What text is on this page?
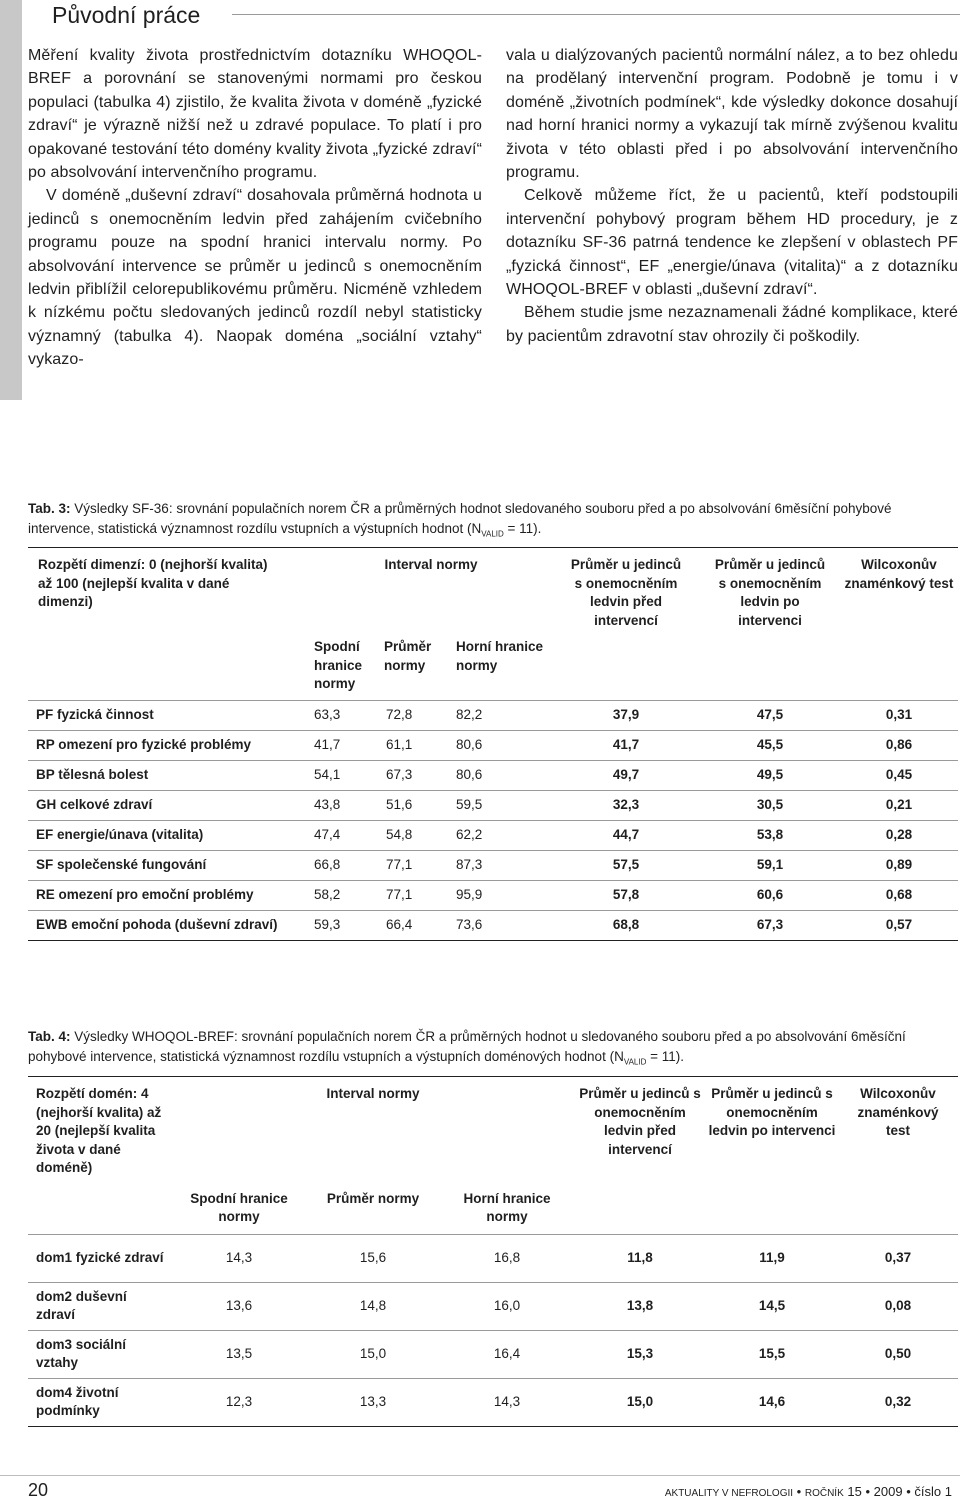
Původní práce

Měření kvality života prostřednictvím dotazníku WHOQOL-BREF a porovnání se stanovenými normami pro českou populaci (tabulka 4) zjistilo, že kvalita života v doméně „fyzické zdraví“ je výrazně nižší než u zdravé populace. To platí i pro opakované testování této domény kvality života „fyzické zdraví“ po absolvování intervenčního programu.

V doméně „duševní zdraví“ dosahovala průměrná hodnota u jedinců s onemocněním ledvin před zahájením cvičebního programu pouze na spodní hranici intervalu normy. Po absolvování intervence se průměr u jedinců s onemocněním ledvin přiblížil celorepublikovému průměru. Nicméně vzhledem k nízkému počtu sledovaných jedinců rozdíl nebyl statisticky významný (tabulka 4). Naopak doména „sociální vztahy“ vykazo-

vala u dialýzovaných pacientů normální nález, a to bez ohledu na prodělaný intervenční program. Podobně je tomu i v doméně „životních podmínek“, kde výsledky dokonce dosahují nad horní hranici normy a vykazují tak mírně zvýšenou kvalitu života v této oblasti před i po absolvování intervenčního programu.

Celkově můžeme říct, že u pacientů, kteří podstoupili intervenční pohybový program během HD procedury, je z dotazníku SF-36 patrná tendence ke zlepšení v oblastech PF „fyzická činnost“, EF „energie/únava (vitalita)“ a z dotazníku WHOQOL-BREF v oblasti „duševní zdraví“.

Během studie jsme nezaznamenali žádné komplikace, které by pacientům zdravotní stav ohrozily či poškodily.

Tab. 3: Výsledky SF-36: srovnání populačních norem ČR a průměrných hodnot sledovaného souboru před a po absolvování 6měsíční pohybové intervence, statistická významnost rozdílu vstupních a výstupních hodnot $(N_{VALID} = 11)$.
Rozpětí dimenzí: 0 (nejhorší kvalita) až 100 (nejlepší kvalita v dané dimenzi)	Interval normy			Průměr u jedinců s onemocněním ledvin před intervencí	Průměr u jedinců s onemocněním ledvin po intervenci	Wilcoxonův znaménkový test
	Spodní hranice normy	Průměr normy	Horní hranice normy			
PF fyzická činnost	63,3	72,8	82,2	37,9	47,5	0,31
RP omezení pro fyzické problémy	41,7	61,1	80,6	41,7	45,5	0,86
BP tělesná bolest	54,1	67,3	80,6	49,7	49,5	0,45
GH celkové zdraví	43,8	51,6	59,5	32,3	30,5	0,21
EF energie/únava (vitalita)	47,4	54,8	62,2	44,7	53,8	0,28
SF společenské fungování	66,8	77,1	87,3	57,5	59,1	0,89
RE omezení pro emoční problémy	58,2	77,1	95,9	57,8	60,6	0,68
EWB emoční pohoda (duševní zdraví)	59,3	66,4	73,6	68,8	67,3	0,57
Tab. 4: Výsledky WHOQOL-BREF: srovnání populačních norem ČR a průměrných hodnot u sledovaného souboru před a po absolvování 6měsíční pohybové intervence, statistická významnost rozdílu vstupních a výstupních doménových hodnot $(N_{VALID} = 11)$.
Rozpětí domén: 4 (nejhorší kvalita) až 20 (nejlepší kvalita života v dané doméně)	Interval normy			Průměr u jedinců s onemocněním ledvin před intervencí	Průměr u jedinců s onemocněním ledvin po intervenci	Wilcoxonův znaménkový test
	Spodní hranice normy	Průměr normy	Horní hranice normy			
dom1 fyzické zdraví	14,3	15,6	16,8	11,8	11,9	0,37
dom2 duševní zdraví	13,6	14,8	16,0	13,8	14,5	0,08
dom3 sociální vztahy	13,5	15,0	16,4	15,3	15,5	0,50
dom4 životní podmínky	12,3	13,3	14,3	15,0	14,6	0,32
20	AKTUALITY V NEFROLOGII • ROČNÍK 15 • 2009 • číslo 1
